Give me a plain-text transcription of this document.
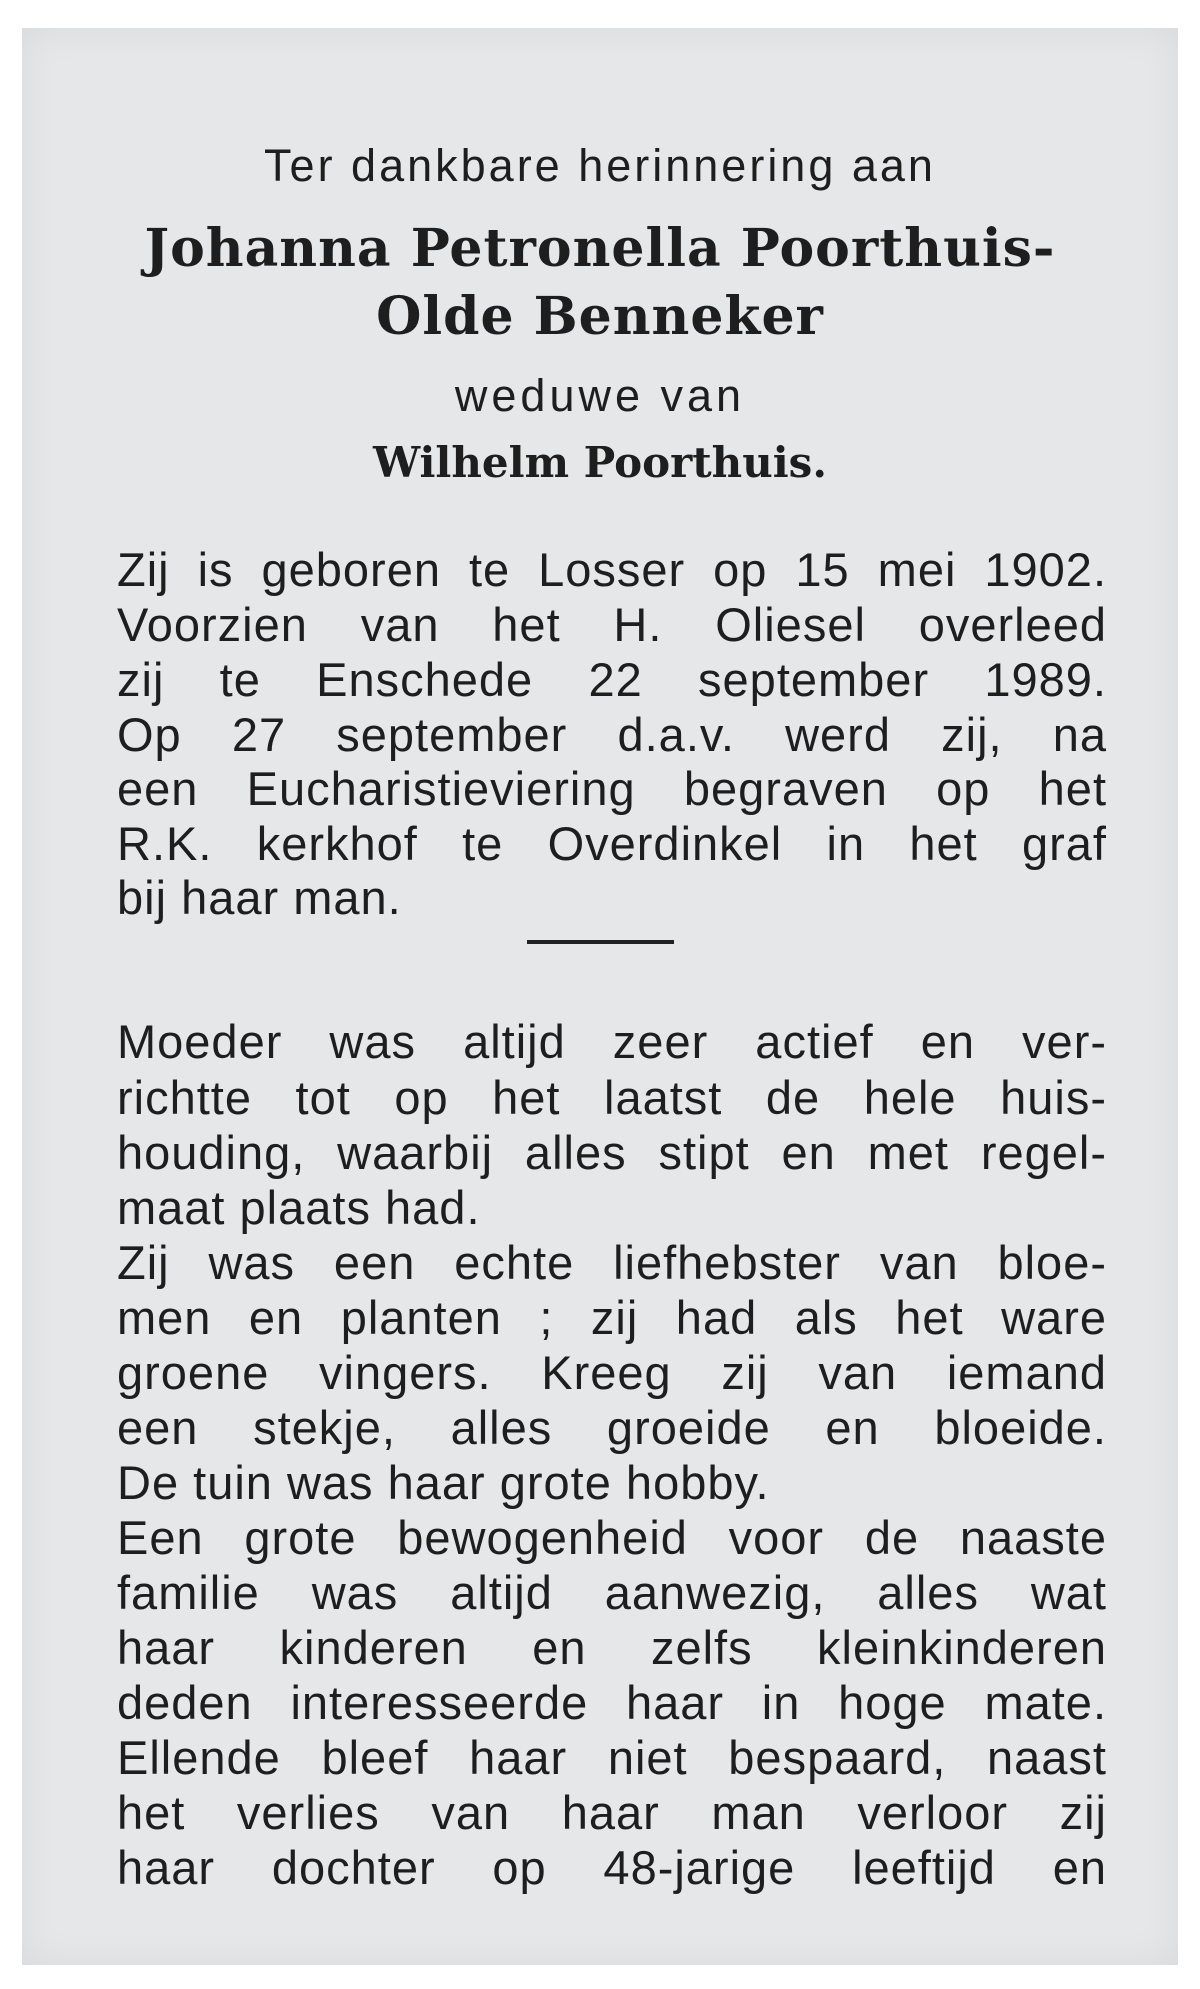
Ter dankbare herinnering aan
Johanna Petronella Poorthuis-
Olde Benneker
weduwe van
Wilhelm Poorthuis.
Zij is geboren te Losser op 15 mei 1902.
Voorzien van het H. Oliesel overleed
zij te Enschede 22 september 1989.
Op 27 september d.a.v. werd zij, na
een Eucharistieviering begraven op het
R.K. kerkhof te Overdinkel in het graf
bij haar man.
Moeder was altijd zeer actief en ver-
richtte tot op het laatst de hele huis-
houding, waarbij alles stipt en met regel-
maat plaats had.
Zij was een echte liefhebster van bloe-
men en planten ; zij had als het ware
groene vingers. Kreeg zij van iemand
een stekje, alles groeide en bloeide.
De tuin was haar grote hobby.
Een grote bewogenheid voor de naaste
familie was altijd aanwezig, alles wat
haar kinderen en zelfs kleinkinderen
deden interesseerde haar in hoge mate.
Ellende bleef haar niet bespaard, naast
het verlies van haar man verloor zij
haar dochter op 48-jarige leeftijd en
